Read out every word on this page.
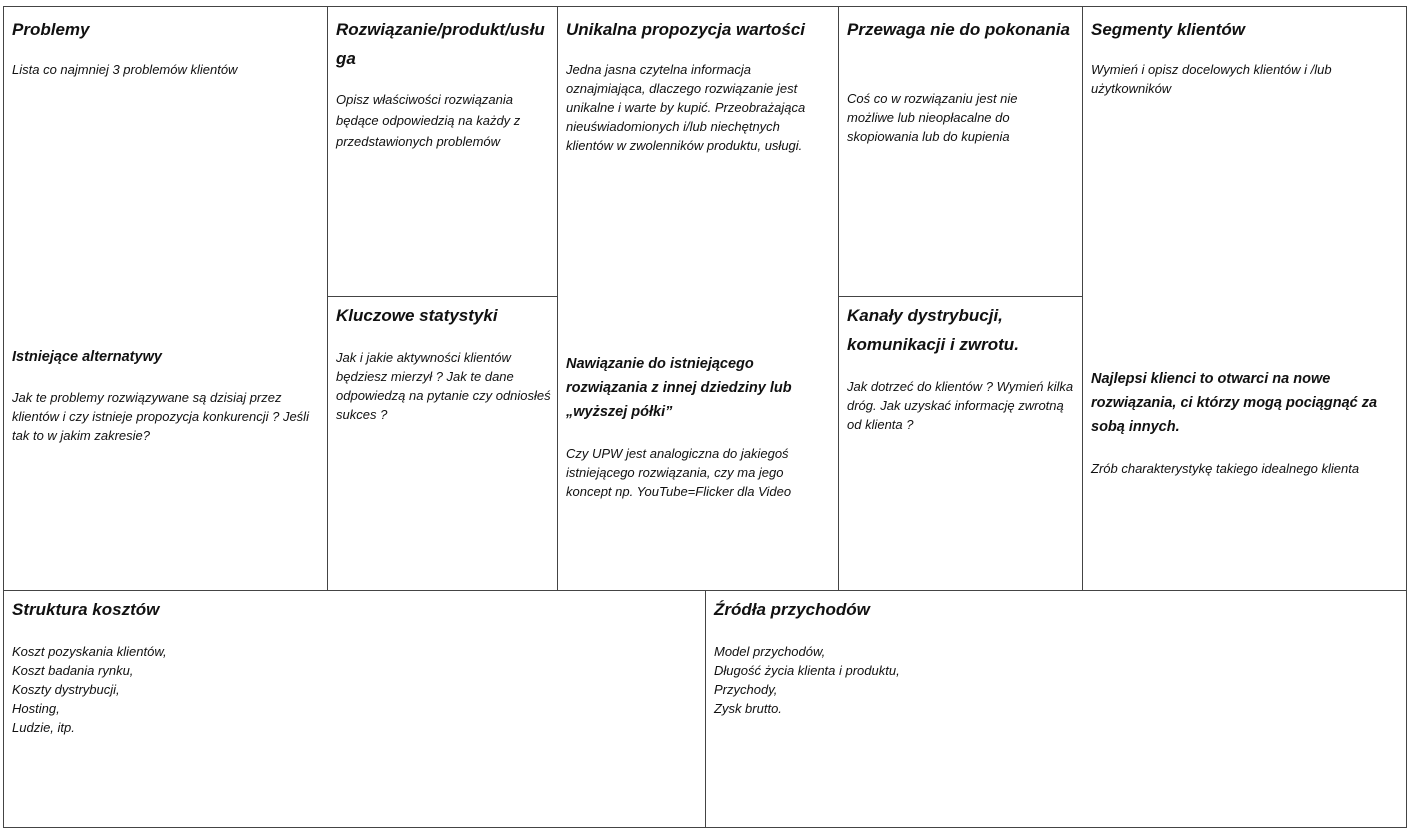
Problemy

Lista co najmniej 3 problemów klientów

Istniejące alternatywy

Jak te problemy rozwiązywane są dzisiaj przez klientów i czy istnieje propozycja konkurencji ? Jeśli tak to w jakim zakresie?

Rozwiązanie/produkt/usługa

Opisz właściwości rozwiązania będące odpowiedzią na każdy z przedstawionych problemów

Kluczowe statystyki

Jak i jakie aktywności klientów będziesz mierzył ? Jak te dane odpowiedzą na pytanie czy odniosłeś sukces ?

Unikalna propozycja wartości

Jedna jasna czytelna informacja oznajmiająca, dlaczego rozwiązanie jest unikalne i warte by kupić. Przeobrażająca nieuświadomionych i/lub niechętnych klientów w zwolenników produktu, usługi.

Nawiązanie do istniejącego rozwiązania z innej dziedziny lub „wyższej półki”

Czy UPW jest analogiczna do jakiegoś istniejącego rozwiązania, czy ma jego koncept np. YouTube=Flicker dla Video

Przewaga nie do pokonania

Coś co w rozwiązaniu jest nie możliwe lub nieopłacalne do skopiowania lub do kupienia

Kanały dystrybucji, komunikacji i zwrotu.

Jak dotrzeć do klientów ? Wymień kilka dróg. Jak uzyskać informację zwrotną od klienta ?

Segmenty klientów

Wymień i opisz docelowych klientów i /lub użytkowników

Najlepsi klienci to otwarci na nowe rozwiązania, ci którzy mogą pociągnąć za sobą innych.

Zrób charakterystykę takiego idealnego klienta

Struktura kosztów

Koszt pozyskania klientów,
Koszt badania rynku,
Koszty dystrybucji,
Hosting,
Ludzie, itp.

Źródła przychodów

Model przychodów,
Długość życia klienta i produktu,
Przychody,
Zysk brutto.
